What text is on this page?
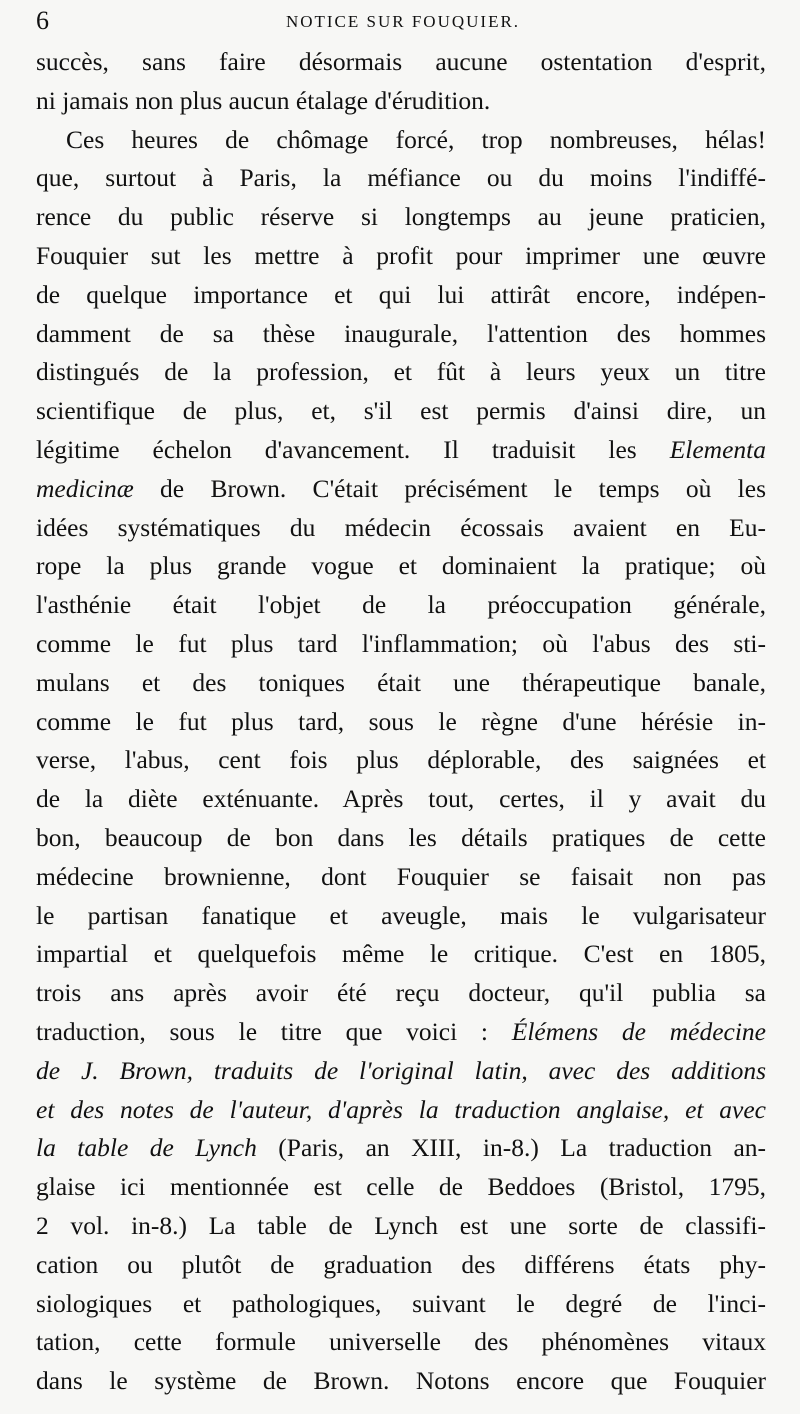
6	NOTICE SUR FOUQUIER.
succès, sans faire désormais aucune ostentation d'esprit,
ni jamais non plus aucun étalage d'érudition.
Ces heures de chômage forcé, trop nombreuses, hélas!
que, surtout à Paris, la méfiance ou du moins l'indiffé-
rence du public réserve si longtemps au jeune praticien,
Fouquier sut les mettre à profit pour imprimer une œuvre
de quelque importance et qui lui attirât encore, indépen-
damment de sa thèse inaugurale, l'attention des hommes
distingués de la profession, et fût à leurs yeux un titre
scientifique de plus, et, s'il est permis d'ainsi dire, un
légitime échelon d'avancement. Il traduisit les Elementa
medicinæ de Brown. C'était précisément le temps où les
idées systématiques du médecin écossais avaient en Eu-
rope la plus grande vogue et dominaient la pratique; où
l'asthénie était l'objet de la préoccupation générale,
comme le fut plus tard l'inflammation; où l'abus des sti-
mulans et des toniques était une thérapeutique banale,
comme le fut plus tard, sous le règne d'une hérésie in-
verse, l'abus, cent fois plus déplorable, des saignées et
de la diète exténuante. Après tout, certes, il y avait du
bon, beaucoup de bon dans les détails pratiques de cette
médecine brownienne, dont Fouquier se faisait non pas
le partisan fanatique et aveugle, mais le vulgarisateur
impartial et quelquefois même le critique. C'est en 1805,
trois ans après avoir été reçu docteur, qu'il publia sa
traduction, sous le titre que voici : Élémens de médecine
de J. Brown, traduits de l'original latin, avec des additions
et des notes de l'auteur, d'après la traduction anglaise, et avec
la table de Lynch (Paris, an XIII, in-8.) La traduction an-
glaise ici mentionnée est celle de Beddoes (Bristol, 1795,
2 vol. in-8.) La table de Lynch est une sorte de classifi-
cation ou plutôt de graduation des différens états phy-
siologiques et pathologiques, suivant le degré de l'inci-
tation, cette formule universelle des phénomènes vitaux
dans le système de Brown. Notons encore que Fouquier
